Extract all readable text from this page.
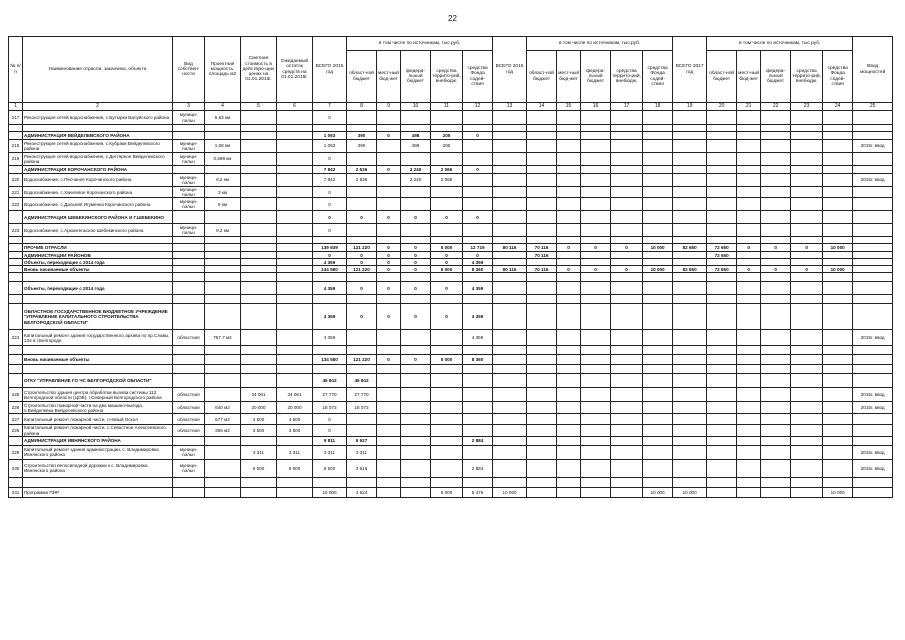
22
№ п/п	Наименование отрасли, заказчика, объекта	Вид собствен-ности	Проектная мощность, площадь м2	Сметная стоимость в действую-щих ценах на 01.01.2016г.	Ожидаемый остаток средств на 01.01.2015г.	ВСЕГО 2015 год	в том числе по источникам, тыс.руб.					ВСЕГО 2016 год	в том числе по источникам, тыс.руб.					ВСЕГО 2017 год	в том числе по источникам, тыс.руб.					Ввод мощностей
							област-ной бюджет	мест-ный бюд-жет	федера-льный бюджет	средства террито-рий, внебюдж.	средства Фонда содей-ствия		област-ной бюджет	мест-ный бюд-жет	федера-льный бюджет	средства террито-рий, внебюдж.	средства Фонда содей-ствия		област-ной бюджет	мест-ный бюд-жет	федера-льный бюджет	средства террито-рий, внебюдж.	средства Фонда содей-ствия	
1	2	3	4	5	6	7	8	9	10	11	12	13	14	15	16	17	18	19	20	21	22	23	24	25
217	Реконструкция сетей водоснабжения, с.Бутырки Валуйского района	муници-пальн	5,63 км			0																		

	АДМИНИСТРАЦИЯ ВЕЙДЕЛЕВСКОГО РАЙОНА					1 093	390	0	498	205	0													
218	Реконструкция сетей водоснабжения, с.Кубраки Вейделевского района	муници-пальн	1,08 км			1 093	390		498	205														2015г. ввод
219	Реконструкция сетей водоснабжения, с.Дегтярное Вейделевского района	муници-пальн	0,698 км			0																		
	АДМИНИСТРАЦИЯ КОРОЧАНСКОГО РАЙОНА					7 842	2 536	0	3 240	2 066	0													
220	Водоснабжение, с.Песчаное Корочанского района	муници-пальн	6,2 км			7 842	2 536		3 240	2 066														2015г. ввод
221	Водоснабжение, с.Хмелевое Корочанского района	муници-пальн	3 км			0																		
222	Водоснабжение, с.Дальняя Игуменка Корочанского района	муници-пальн	5 км			0																		
	АДМИНИСТРАЦИЯ ШЕБЕКИНСКОГО РАЙОНА И Г.ШЕБЕКИНО					0	0	0	0	0	0													
223	Водоснабжение, с.Архангельское Шебекинского района	муници-пальн	9,2 км			0																		

	ПРОЧИЕ ОТРАСЛИ					139 939	121 220	0	0	5 000	12 719	80 116	70 116	0	0	0	10 000	82 650	72 650	0	0	0	10 000	
	АДМИНИСТРАЦИИ РАЙОНОВ					0	0	0	0	0	0		70 116						72 650					
	Объекты, переходящие с 2014 года					4 359	0	0	0	0	4 359													
	Вновь начинаемые объекты					134 580	121 220	0	0	5 000	8 360	80 116	70 116	0	0	0	10 000	82 650	72 650	0	0	0	10 000	

	Объекты, переходящие с 2014 года					4 359	0	0	0	0	4 359													

	ОБЛАСТНОЕ ГОСУДАРСТВЕННОЕ БЮДЖЕТНОЕ УЧРЕЖДЕНИЕ "УПРАВЛЕНИЕ КАПИТАЛЬНОГО СТРОИТЕЛЬСТВА БЕЛГОРОДСКОЙ ОБЛАСТИ"					4 359	0	0	0	0	4 359													
224	Капитальный ремонт здания государственного архива по пр.Славы, 134 в г.Белгороде	областная	757,7 м2			4 359					4 359													2015г. ввод

	Вновь начинаемые объекты					134 580	121 220	0	0	5 000	8 360													

	ОГКУ "УПРАВЛЕНИЕ ГО ЧС БЕЛГОРОДСКОЙ ОБЛАСТИ"					45 843	45 843																	
225	Строительство здания центра обработки вызова системы 112 Белгородской области (ЦОВ), г.Северный Белгородского района	областная		34 061	34 061	27 770	27 770																	2015г. ввод
226	Строительство пожарной части на два машино-выезда, п.Вейделевка Вейделевского района	областная	640 м2	20 000	20 000	18 073	18 073																	2015г. ввод
227	Капитальный ремонт пожарной части, г.Новый Оскол	областная	677 м2	4 500	4 500	0																		
228	Капитальный ремонт пожарной части, с.Севостное Алексеевского района	областная	359 м2	3 500	3 500	0																		
	АДМИНИСТРАЦИЯ ИВНЯНСКОГО РАЙОНА					9 811	6 927				2 884													
229	Капитальный ремонт здания администрации, с. Владимировка Ивнянского района	муници-пальн		3 311	3 311	3 311	3 311																	2015г. ввод
230	Строительство велосипедной дорожки к с. Владимировка Ивнянского района	муници-пальн		6 500	6 500	6 500	3 616				2 884													2015г. ввод

231	Программа ПИР					15 000	4 524			5 000	5 476	10 000					10 000	10 000					10 000	
